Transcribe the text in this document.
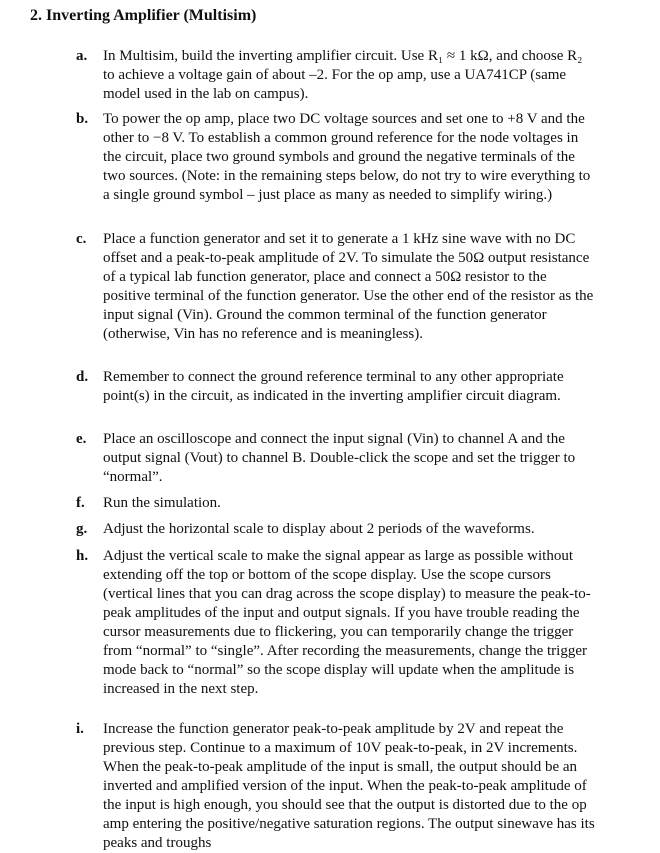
2. Inverting Amplifier (Multisim)
a. In Multisim, build the inverting amplifier circuit. Use R₁ ≈ 1 kΩ, and choose R₂ to achieve a voltage gain of about –2. For the op amp, use a UA741CP (same model used in the lab on campus).
b. To power the op amp, place two DC voltage sources and set one to +8 V and the other to −8 V. To establish a common ground reference for the node voltages in the circuit, place two ground symbols and ground the negative terminals of the two sources. (Note: in the remaining steps below, do not try to wire everything to a single ground symbol – just place as many as needed to simplify wiring.)
c. Place a function generator and set it to generate a 1 kHz sine wave with no DC offset and a peak-to-peak amplitude of 2V. To simulate the 50Ω output resistance of a typical lab function generator, place and connect a 50Ω resistor to the positive terminal of the function generator. Use the other end of the resistor as the input signal (Vin). Ground the common terminal of the function generator (otherwise, Vin has no reference and is meaningless).
d. Remember to connect the ground reference terminal to any other appropriate point(s) in the circuit, as indicated in the inverting amplifier circuit diagram.
e. Place an oscilloscope and connect the input signal (Vin) to channel A and the output signal (Vout) to channel B. Double-click the scope and set the trigger to “normal”.
f. Run the simulation.
g. Adjust the horizontal scale to display about 2 periods of the waveforms.
h. Adjust the vertical scale to make the signal appear as large as possible without extending off the top or bottom of the scope display. Use the scope cursors (vertical lines that you can drag across the scope display) to measure the peak-to-peak amplitudes of the input and output signals. If you have trouble reading the cursor measurements due to flickering, you can temporarily change the trigger from “normal” to “single”. After recording the measurements, change the trigger mode back to “normal” so the scope display will update when the amplitude is increased in the next step.
i. Increase the function generator peak-to-peak amplitude by 2V and repeat the previous step. Continue to a maximum of 10V peak-to-peak, in 2V increments. When the peak-to-peak amplitude of the input is small, the output should be an inverted and amplified version of the input. When the peak-to-peak amplitude of the input is high enough, you should see that the output is distorted due to the op amp entering the positive/negative saturation regions. The output sinewave has its peaks and troughs
